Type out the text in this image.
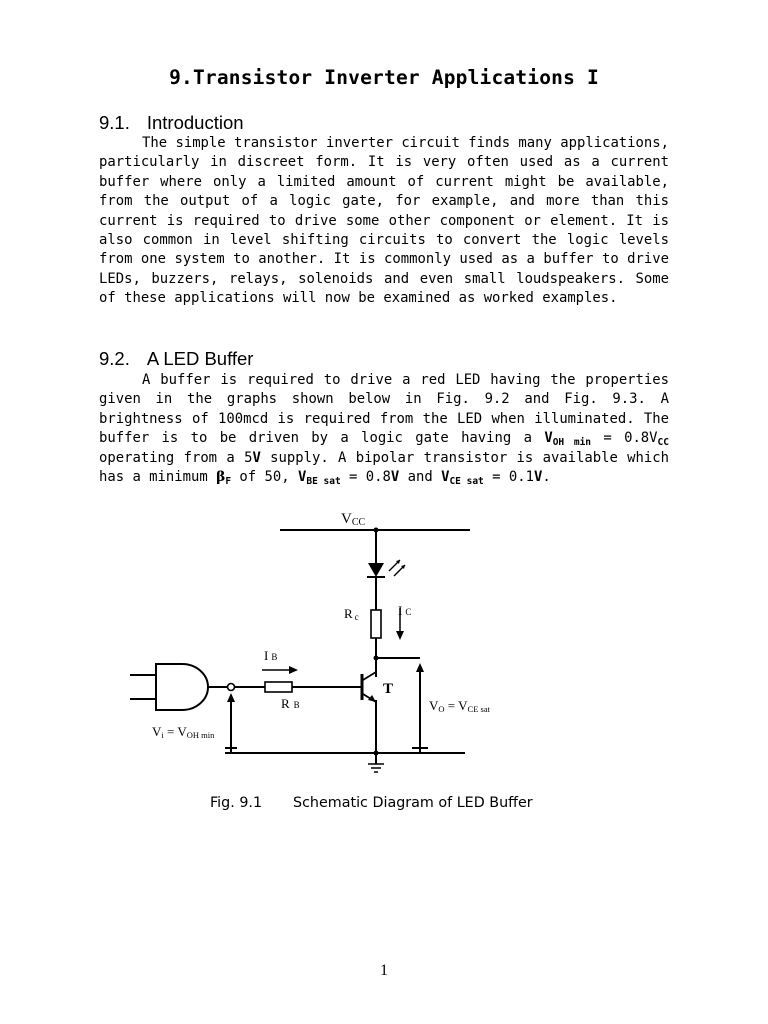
9.Transistor Inverter Applications I
9.1. Introduction

The simple transistor inverter circuit finds many applications, particularly in discreet form. It is very often used as a current buffer where only a limited amount of current might be available, from the output of a logic gate, for example, and more than this current is required to drive some other component or element. It is also common in level shifting circuits to convert the logic levels from one system to another. It is commonly used as a buffer to drive LEDs, buzzers, relays, solenoids and even small loudspeakers. Some of these applications will now be examined as worked examples.

9.2. A LED Buffer

A buffer is required to drive a red LED having the properties given in the graphs shown below in Fig. 9.2 and Fig. 9.3. A brightness of 100mcd is required from the LED when illuminated. The buffer is to be driven by a logic gate having a $V_{OH min} = 0.8V_{CC}$ operating from a 5V supply. A bipolar transistor is available which has a minimum $\beta_F$ of 50, $V_{BE sat} = 0.8V$ and $V_{CE sat} = 0.1V$.

VCC
I C
R c
I B
R B
T
VO = VCE sat
Vi = VOH min
Fig. 9.1 Schematic Diagram of LED Buffer
1
